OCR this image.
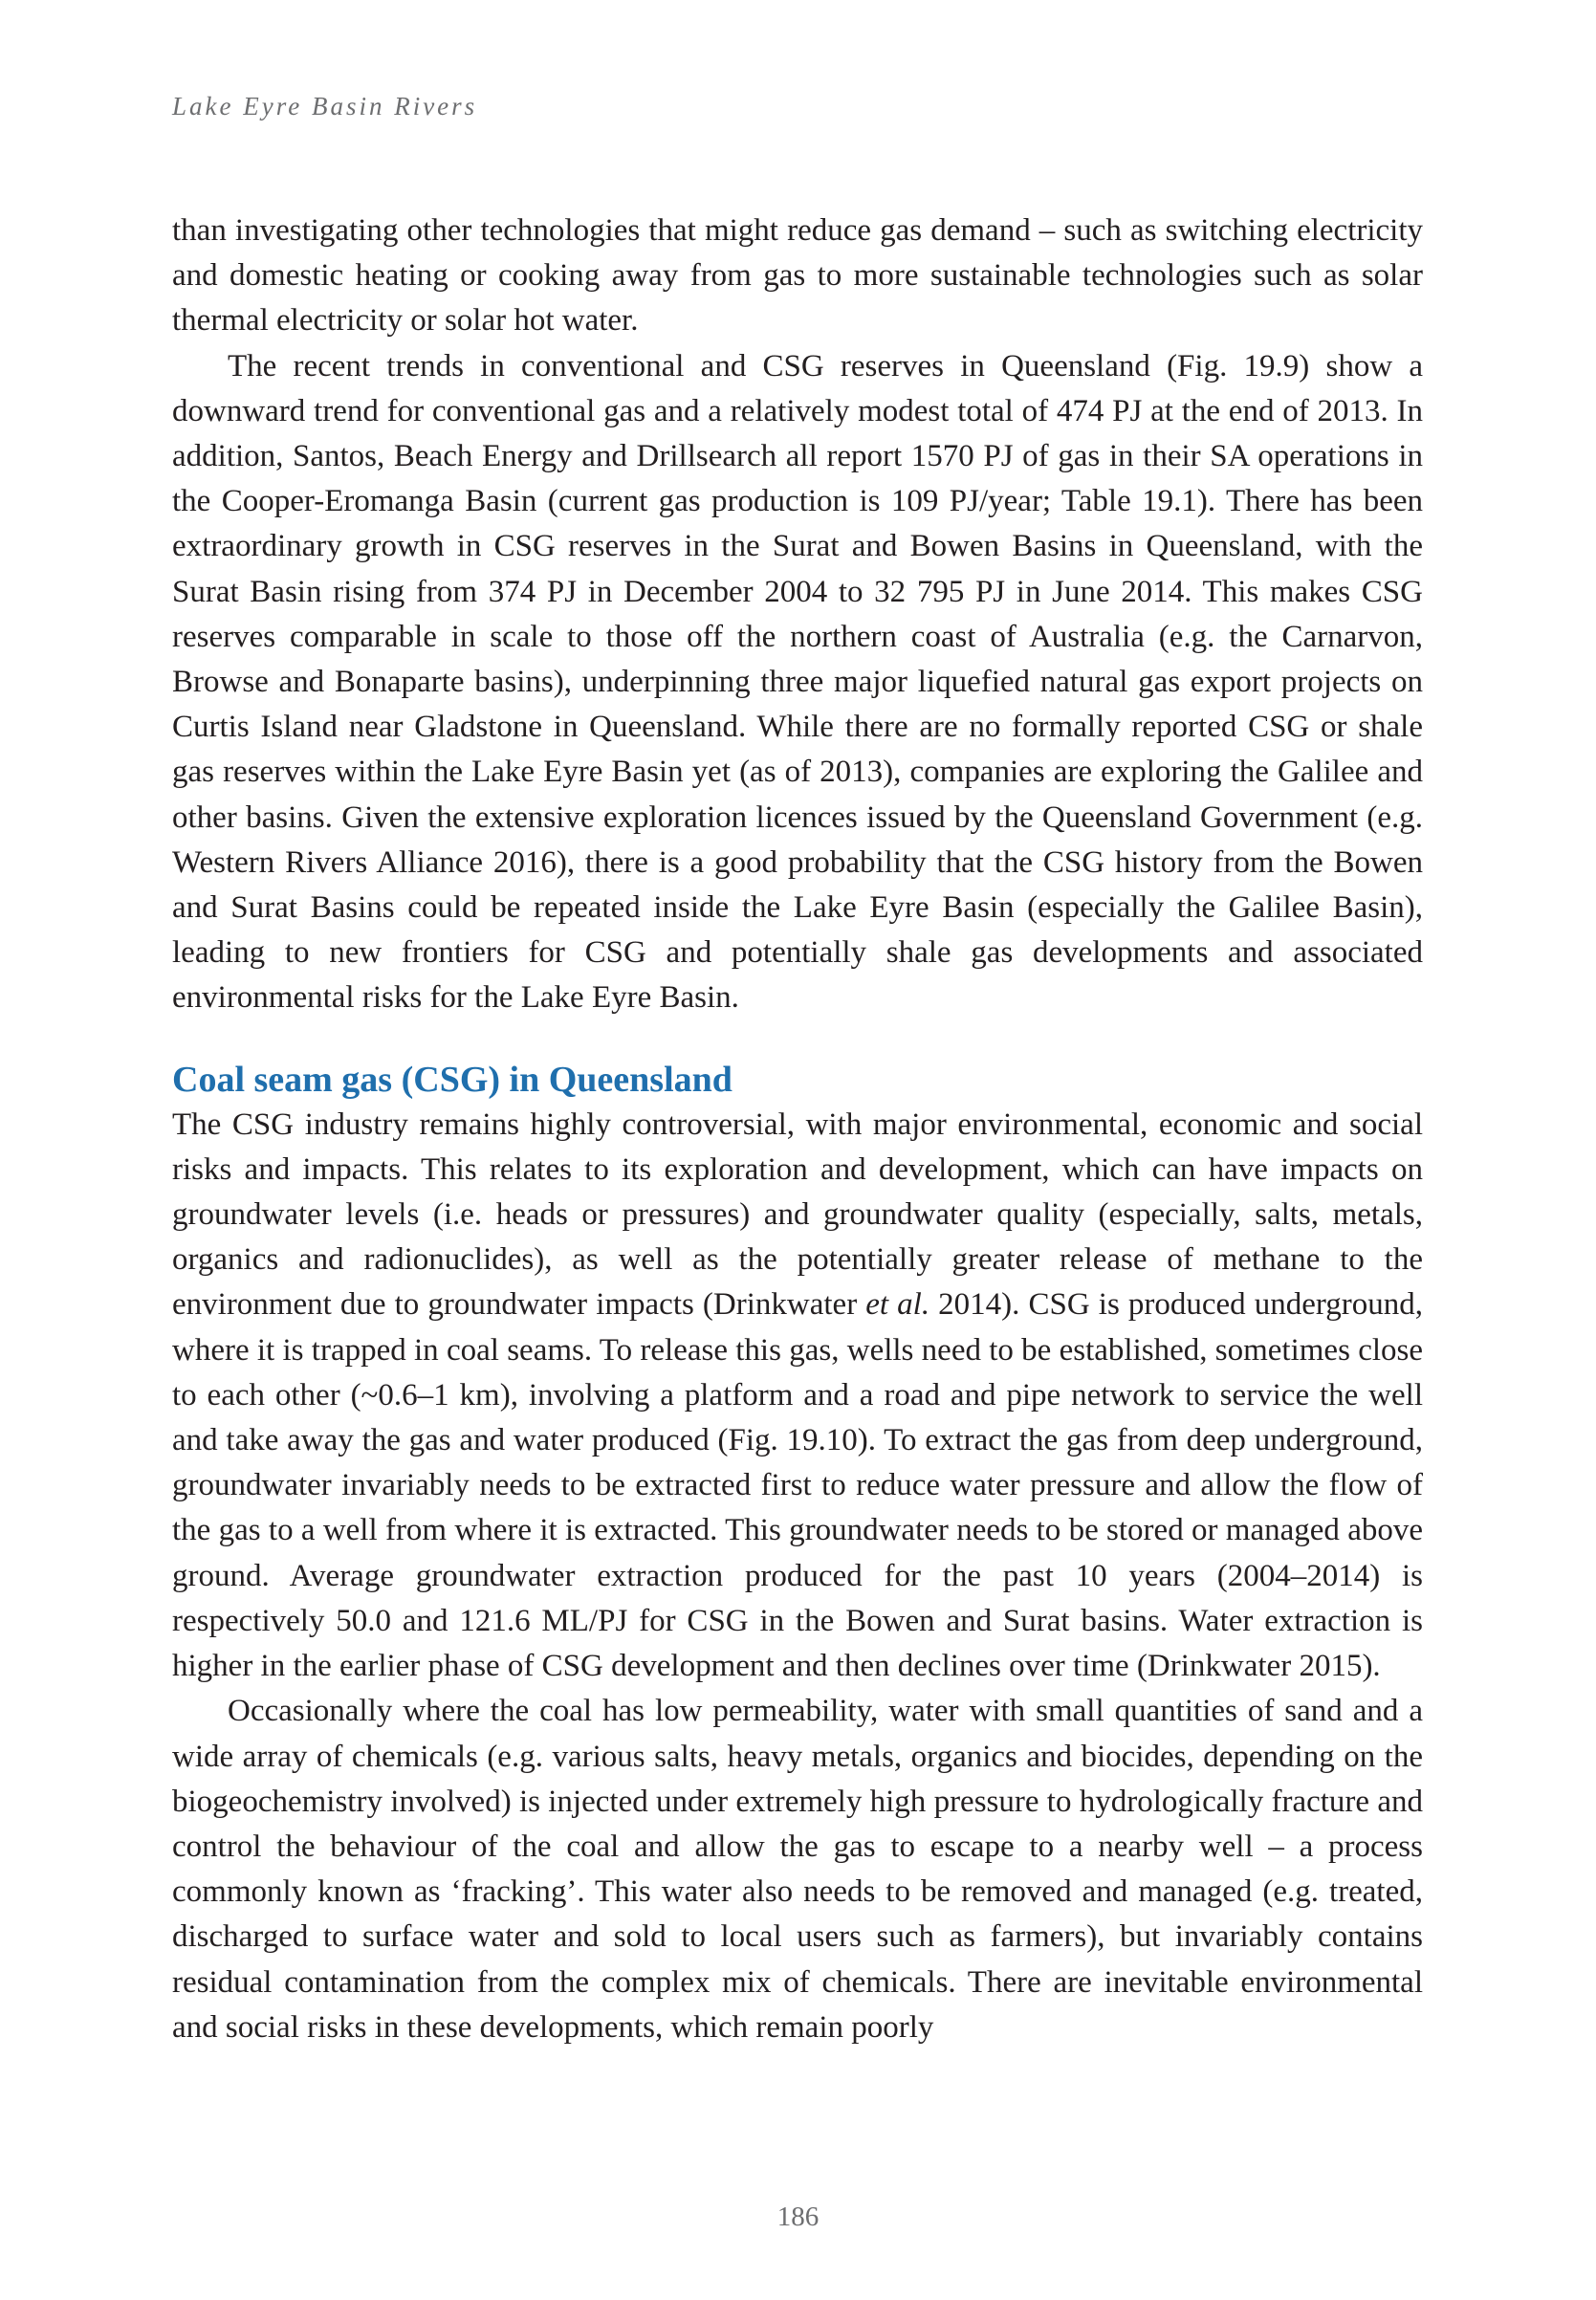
Lake Eyre Basin Rivers

than investigating other technologies that might reduce gas demand – such as switching electricity and domestic heating or cooking away from gas to more sustainable technologies such as solar thermal electricity or solar hot water.

The recent trends in conventional and CSG reserves in Queensland (Fig. 19.9) show a downward trend for conventional gas and a relatively modest total of 474 PJ at the end of 2013. In addition, Santos, Beach Energy and Drillsearch all report 1570 PJ of gas in their SA operations in the Cooper-Eromanga Basin (current gas production is 109 PJ/year; Table 19.1). There has been extraordinary growth in CSG reserves in the Surat and Bowen Basins in Queensland, with the Surat Basin rising from 374 PJ in December 2004 to 32 795 PJ in June 2014. This makes CSG reserves comparable in scale to those off the northern coast of Australia (e.g. the Carnarvon, Browse and Bonaparte basins), underpinning three major liquefied natural gas export projects on Curtis Island near Gladstone in Queensland. While there are no formally reported CSG or shale gas reserves within the Lake Eyre Basin yet (as of 2013), companies are exploring the Galilee and other basins. Given the extensive exploration licences issued by the Queensland Government (e.g. Western Rivers Alliance 2016), there is a good probability that the CSG history from the Bowen and Surat Basins could be repeated inside the Lake Eyre Basin (especially the Galilee Basin), leading to new frontiers for CSG and potentially shale gas developments and associated environmental risks for the Lake Eyre Basin.

Coal seam gas (CSG) in Queensland

The CSG industry remains highly controversial, with major environmental, economic and social risks and impacts. This relates to its exploration and development, which can have impacts on groundwater levels (i.e. heads or pressures) and groundwater quality (especially, salts, metals, organics and radionuclides), as well as the potentially greater release of methane to the environment due to groundwater impacts (Drinkwater et al. 2014). CSG is produced underground, where it is trapped in coal seams. To release this gas, wells need to be established, sometimes close to each other (~0.6–1 km), involving a platform and a road and pipe network to service the well and take away the gas and water produced (Fig. 19.10). To extract the gas from deep underground, groundwater invariably needs to be extracted first to reduce water pressure and allow the flow of the gas to a well from where it is extracted. This groundwater needs to be stored or managed above ground. Average groundwater extraction produced for the past 10 years (2004–2014) is respectively 50.0 and 121.6 ML/PJ for CSG in the Bowen and Surat basins. Water extraction is higher in the earlier phase of CSG development and then declines over time (Drinkwater 2015).

Occasionally where the coal has low permeability, water with small quantities of sand and a wide array of chemicals (e.g. various salts, heavy metals, organics and biocides, depending on the biogeochemistry involved) is injected under extremely high pressure to hydrologically fracture and control the behaviour of the coal and allow the gas to escape to a nearby well – a process commonly known as ‘fracking’. This water also needs to be removed and managed (e.g. treated, discharged to surface water and sold to local users such as farmers), but invariably contains residual contamination from the complex mix of chemicals. There are inevitable environmental and social risks in these developments, which remain poorly

186
